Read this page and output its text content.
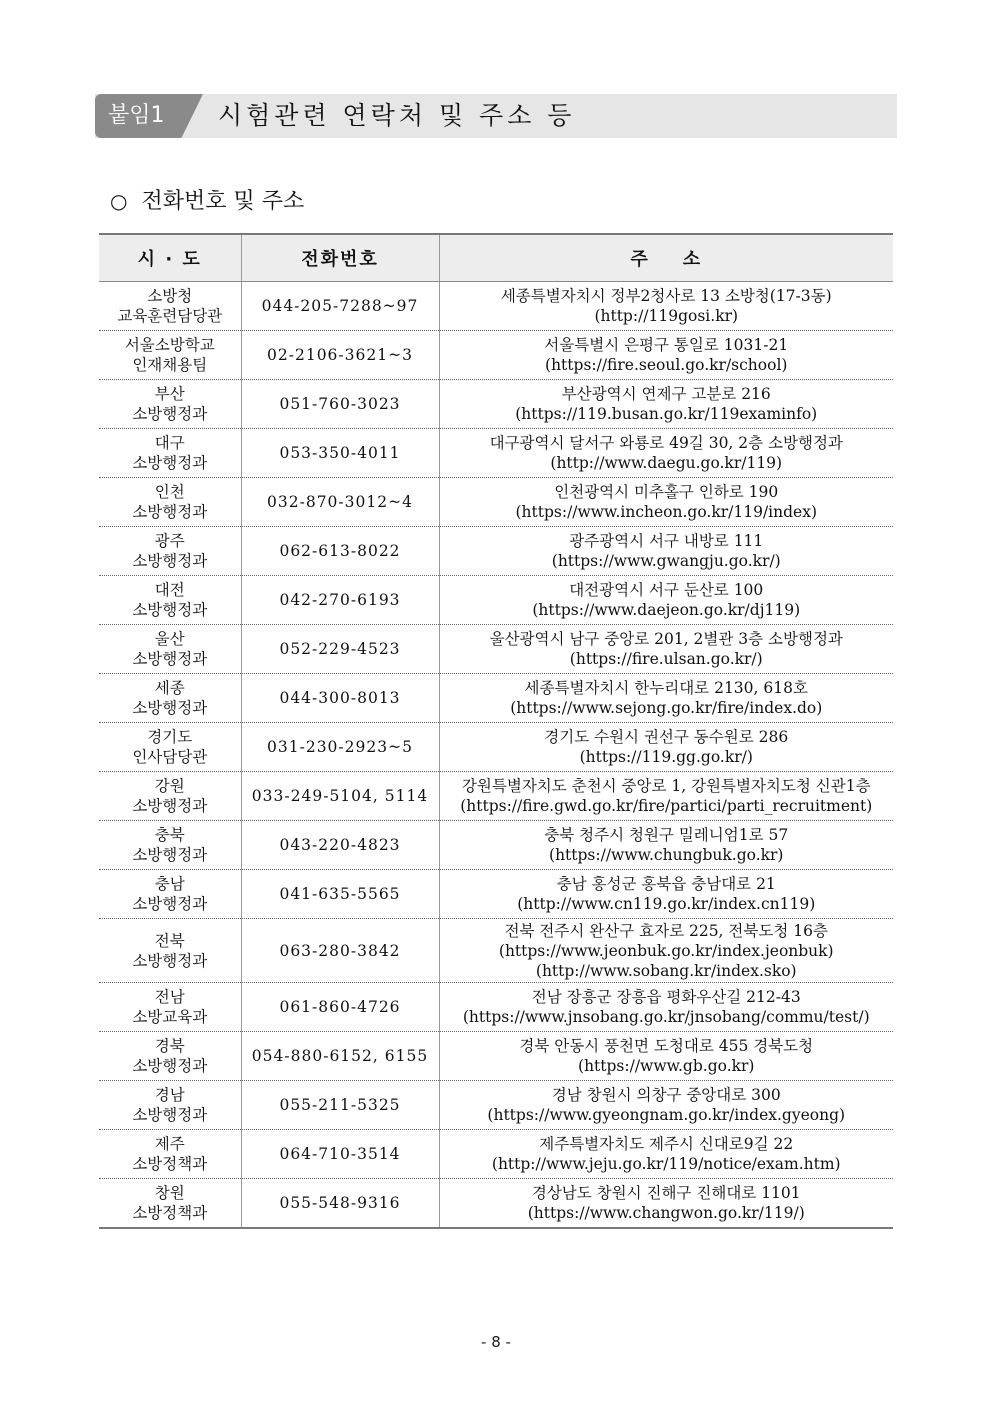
붙임1 시험관련 연락처 및 주소 등
○ 전화번호 및 주소
시 · 도	전화번호	주    소

소방청
교육훈련담당관	044-205-7288~97	세종특별자치시 정부2청사로 13 소방청(17-3동)
(http://119gosi.kr)

서울소방학교
인재채용팀	02-2106-3621~3	서울특별시 은평구 통일로 1031-21
(https://fire.seoul.go.kr/school)

부산
소방행정과	051-760-3023	부산광역시 연제구 고분로 216
(https://119.busan.go.kr/119examinfo)

대구
소방행정과	053-350-4011	대구광역시 달서구 와룡로 49길 30, 2층 소방행정과
(http://www.daegu.go.kr/119)

인천
소방행정과	032-870-3012~4	인천광역시 미추홀구 인하로 190
(https://www.incheon.go.kr/119/index)

광주
소방행정과	062-613-8022	광주광역시 서구 내방로 111
(https://www.gwangju.go.kr/)

대전
소방행정과	042-270-6193	대전광역시 서구 둔산로 100
(https://www.daejeon.go.kr/dj119)

울산
소방행정과	052-229-4523	울산광역시 남구 중앙로 201, 2별관 3층 소방행정과
(https://fire.ulsan.go.kr/)

세종
소방행정과	044-300-8013	세종특별자치시 한누리대로 2130, 618호
(https://www.sejong.go.kr/fire/index.do)

경기도
인사담당관	031-230-2923~5	경기도 수원시 권선구 동수원로 286
(https://119.gg.go.kr/)

강원
소방행정과	033-249-5104, 5114	강원특별자치도 춘천시 중앙로 1, 강원특별자치도청 신관1층
(https://fire.gwd.go.kr/fire/partici/parti_recruitment)

충북
소방행정과	043-220-4823	충북 청주시 청원구 밀레니엄1로 57
(https://www.chungbuk.go.kr)

충남
소방행정과	041-635-5565	충남 홍성군 홍북읍 충남대로 21
(http://www.cn119.go.kr/index.cn119)

전북
소방행정과	063-280-3842	전북 전주시 완산구 효자로 225, 전북도청 16층
(https://www.jeonbuk.go.kr/index.jeonbuk)
(http://www.sobang.kr/index.sko)

전남
소방교육과	061-860-4726	전남 장흥군 장흥읍 평화우산길 212-43
(https://www.jnsobang.go.kr/jnsobang/commu/test/)

경북
소방행정과	054-880-6152, 6155	경북 안동시 풍천면 도청대로 455 경북도청
(https://www.gb.go.kr)

경남
소방행정과	055-211-5325	경남 창원시 의창구 중앙대로 300
(https://www.gyeongnam.go.kr/index.gyeong)

제주
소방정책과	064-710-3514	제주특별자치도 제주시 신대로9길 22
(http://www.jeju.go.kr/119/notice/exam.htm)

창원
소방정책과	055-548-9316	경상남도 창원시 진해구 진해대로 1101
(https://www.changwon.go.kr/119/)
- 8 -
